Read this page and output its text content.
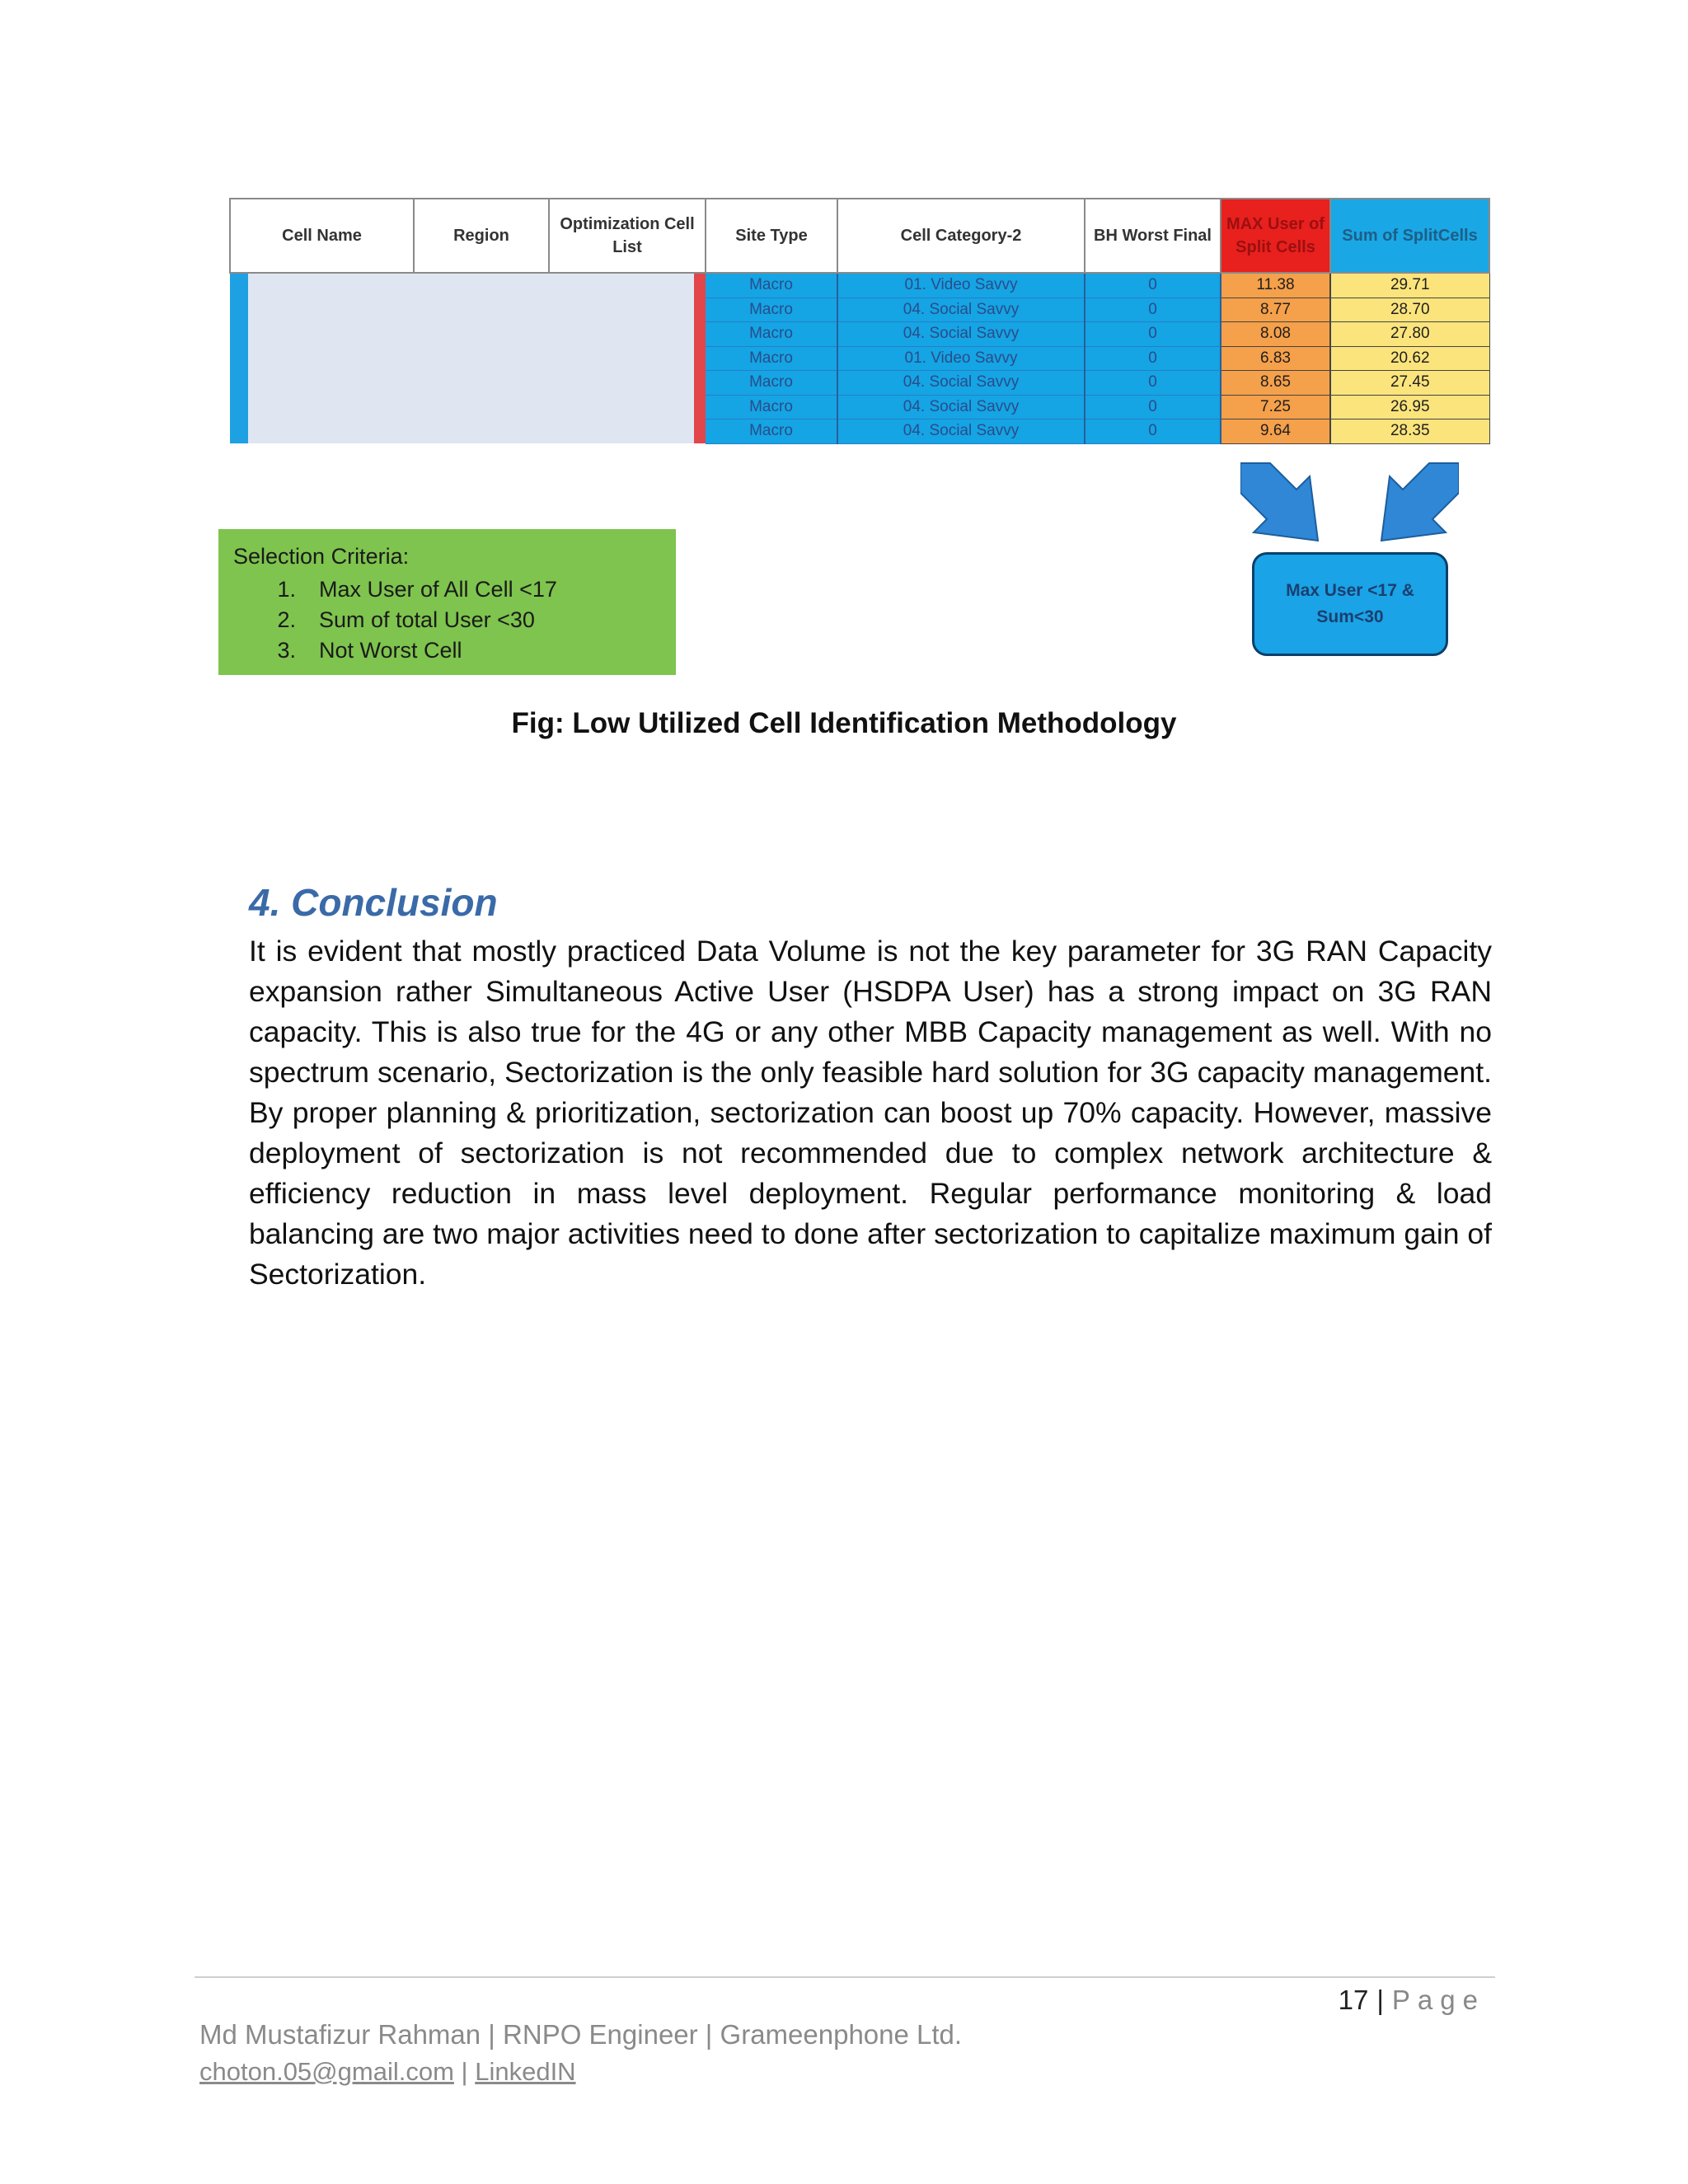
Cell Name	Region	Optimization Cell List	Site Type	Cell Category-2	BH Worst Final	MAX User of Split Cells	Sum of SplitCells
			Macro	01. Video Savvy	0	11.38	29.71
			Macro	04. Social Savvy	0	8.77	28.70
			Macro	04. Social Savvy	0	8.08	27.80
			Macro	01. Video Savvy	0	6.83	20.62
			Macro	04. Social Savvy	0	8.65	27.45
			Macro	04. Social Savvy	0	7.25	26.95
			Macro	04. Social Savvy	0	9.64	28.35
Max User <17 &
Sum<30
Selection Criteria:
1.	Max User of All Cell <17
2.	Sum of total User <30
3.	Not Worst Cell
Fig: Low Utilized Cell Identification Methodology
4. Conclusion

It is evident that mostly practiced Data Volume is not the key parameter for 3G RAN Capacity expansion rather Simultaneous Active User (HSDPA User) has a strong impact on 3G RAN capacity. This is also true for the 4G or any other MBB Capacity management as well. With no spectrum scenario, Sectorization is the only feasible hard solution for 3G capacity management. By proper planning & prioritization, sectorization can boost up 70% capacity. However, massive deployment of sectorization is not recommended due to complex network architecture & efficiency reduction in mass level deployment. Regular performance monitoring & load balancing are two major activities need to done after sectorization to capitalize maximum gain of Sectorization.

17 | Page
Md Mustafizur Rahman | RNPO Engineer | Grameenphone Ltd.
choton.05@gmail.com | LinkedIN
